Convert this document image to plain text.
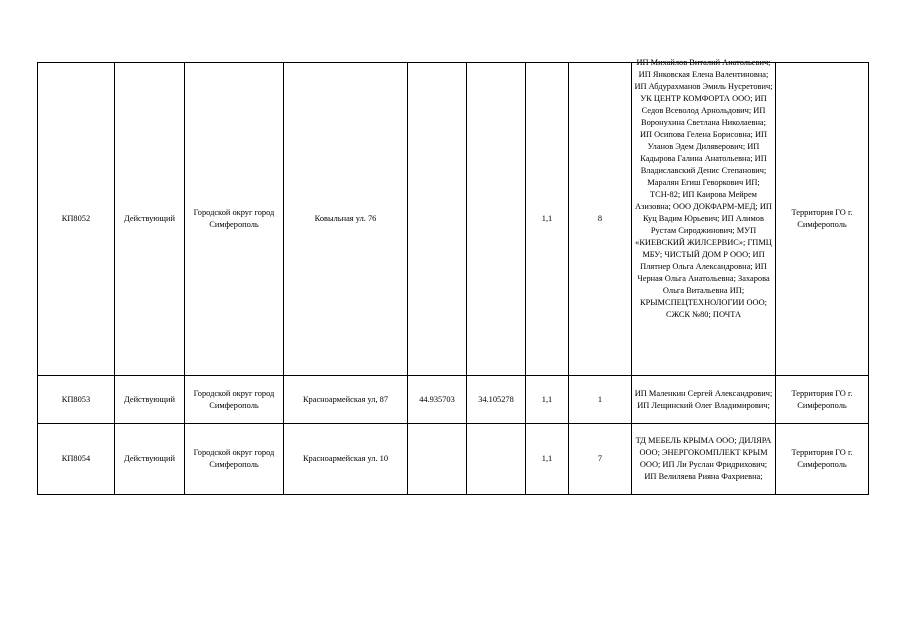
КП8052	Действующий	Городской округ город Симферополь	Ковыльная ул. 76			1,1	8	ИП Михайлов Виталий Анатольевич; ИП Янковская Елена Валентиновна; ИП Абдурахманов Эмиль Нусретович; УК ЦЕНТР КОМФОРТА ООО; ИП Седов Всеволод Арнольдович; ИП Воронухина Светлана Николаевна; ИП Осипова Гелена Борисовна; ИП Уланов Эдем Диляверович; ИП Кадырова Галина Анатольевна; ИП Владиславский Денис Степанович; Маралян Егиш Геворкович ИП; ТСН-82; ИП Каирова Мейрем Азизовна; ООО ДОКФАРМ-МЕД; ИП Куц Вадим Юрьевич; ИП Алимов Рустам Сироджинович; МУП «КИЕВСКИЙ ЖИЛСЕРВИС»; ГПМЦ МБУ; ЧИСТЫЙ ДОМ Р ООО; ИП Плятнер Ольга Александровна; ИП Черная Ольга Анатольевна; Захарова Ольга Витальевна ИП; КРЫМСПЕЦТЕХНОЛОГИИ ООО; СЖСК №80; ПОЧТА	Территория ГО г. Симферополь
КП8053	Действующий	Городской округ город Симферополь	Красноармейская ул, 87	44.935703	34.105278	1,1	1	ИП Маленкин Сергей Александрович; ИП Лещинский Олег Владимирович;	Территория ГО г. Симферополь
КП8054	Действующий	Городской округ город Симферополь	Красноармейская ул. 10			1,1	7	ТД МЕБЕЛЬ КРЫМА ООО; ДИЛЯРА ООО; ЭНЕРГОКОМПЛЕКТ КРЫМ ООО; ИП Ли Руслан Фридрихович; ИП Велиляева Рияна Фахриевна;	Территория ГО г. Симферополь
